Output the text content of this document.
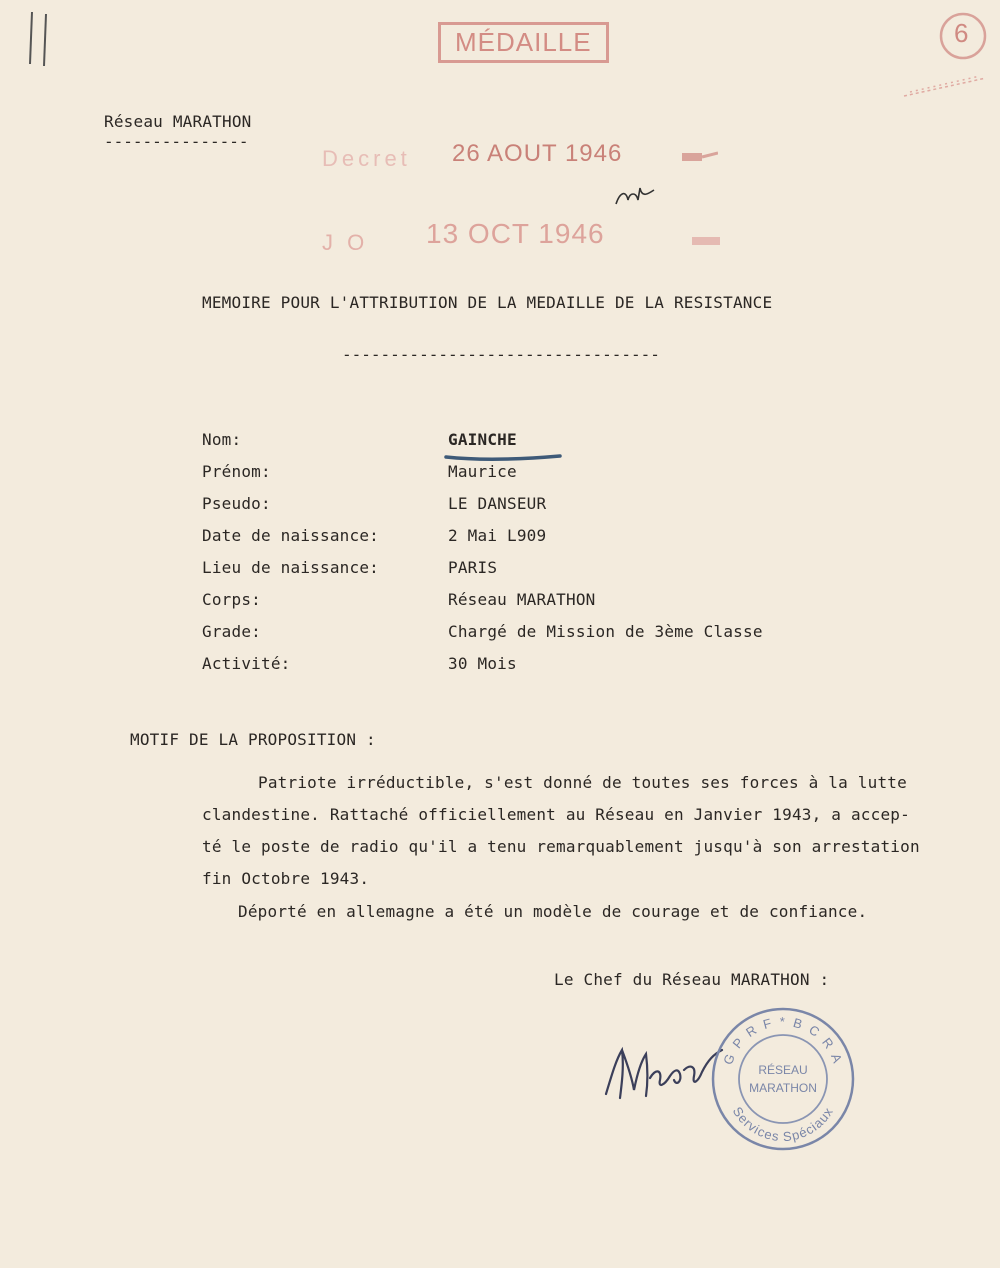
MÉDAILLE	6
Réseau MARATHON
---------------
Decret 26 AOUT 1946
J O 13 OCT 1946
MEMOIRE POUR L'ATTRIBUTION DE LA MEDAILLE DE LA RESISTANCE
---------------------------------
Nom:	GAINCHE
Prénom:	Maurice
Pseudo:	LE DANSEUR
Date de naissance:	2 Mai L909
Lieu de naissance:	PARIS
Corps:	Réseau MARATHON
Grade:	Chargé de Mission de 3ème Classe
Activité:	30 Mois
MOTIF DE LA PROPOSITION :
Patriote irréductible, s'est donné de toutes ses forces à la lutte
clandestine. Rattaché officiellement au Réseau en Janvier 1943, a accep-
té le poste de radio qu'il a tenu remarquablement jusqu'à son arrestation
fin Octobre 1943.
Déporté en allemagne a été un modèle de courage et de confiance.
Le Chef du Réseau MARATHON :
G P R F * B C R A
Services Spéciaux
RÉSEAU
MARATHON
